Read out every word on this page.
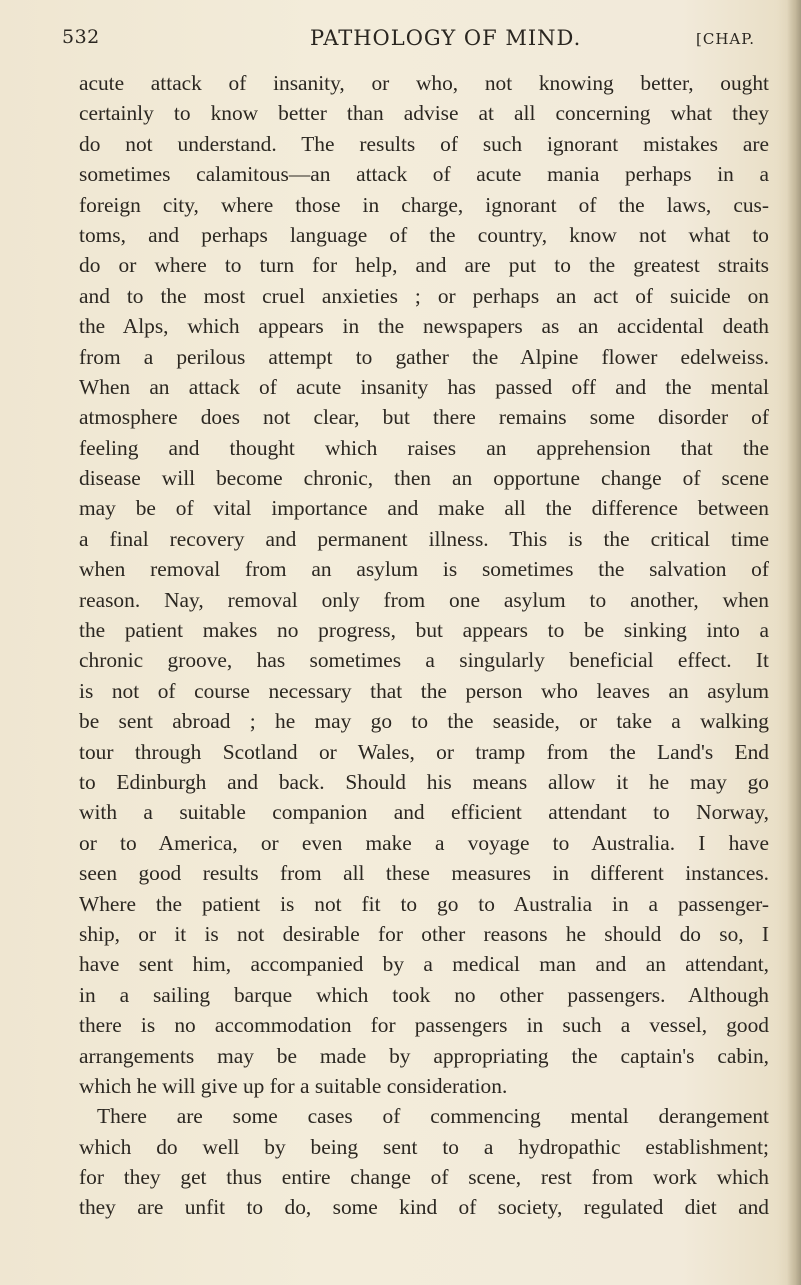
532	PATHOLOGY OF MIND.	[CHAP.
acute attack of insanity, or who, not knowing better, ought
certainly to know better than advise at all concerning what they
do not understand. The results of such ignorant mistakes are
sometimes calamitous—an attack of acute mania perhaps in a
foreign city, where those in charge, ignorant of the laws, cus-
toms, and perhaps language of the country, know not what to
do or where to turn for help, and are put to the greatest straits
and to the most cruel anxieties ; or perhaps an act of suicide on
the Alps, which appears in the newspapers as an accidental death
from a perilous attempt to gather the Alpine flower edelweiss.
When an attack of acute insanity has passed off and the mental
atmosphere does not clear, but there remains some disorder of
feeling and thought which raises an apprehension that the
disease will become chronic, then an opportune change of scene
may be of vital importance and make all the difference between
a final recovery and permanent illness. This is the critical time
when removal from an asylum is sometimes the salvation of
reason. Nay, removal only from one asylum to another, when
the patient makes no progress, but appears to be sinking into a
chronic groove, has sometimes a singularly beneficial effect. It
is not of course necessary that the person who leaves an asylum
be sent abroad ; he may go to the seaside, or take a walking
tour through Scotland or Wales, or tramp from the Land's End
to Edinburgh and back. Should his means allow it he may go
with a suitable companion and efficient attendant to Norway,
or to America, or even make a voyage to Australia. I have
seen good results from all these measures in different instances.
Where the patient is not fit to go to Australia in a passenger-
ship, or it is not desirable for other reasons he should do so, I
have sent him, accompanied by a medical man and an attendant,
in a sailing barque which took no other passengers. Although
there is no accommodation for passengers in such a vessel, good
arrangements may be made by appropriating the captain's cabin,
which he will give up for a suitable consideration.
There are some cases of commencing mental derangement
which do well by being sent to a hydropathic establishment;
for they get thus entire change of scene, rest from work which
they are unfit to do, some kind of society, regulated diet and
